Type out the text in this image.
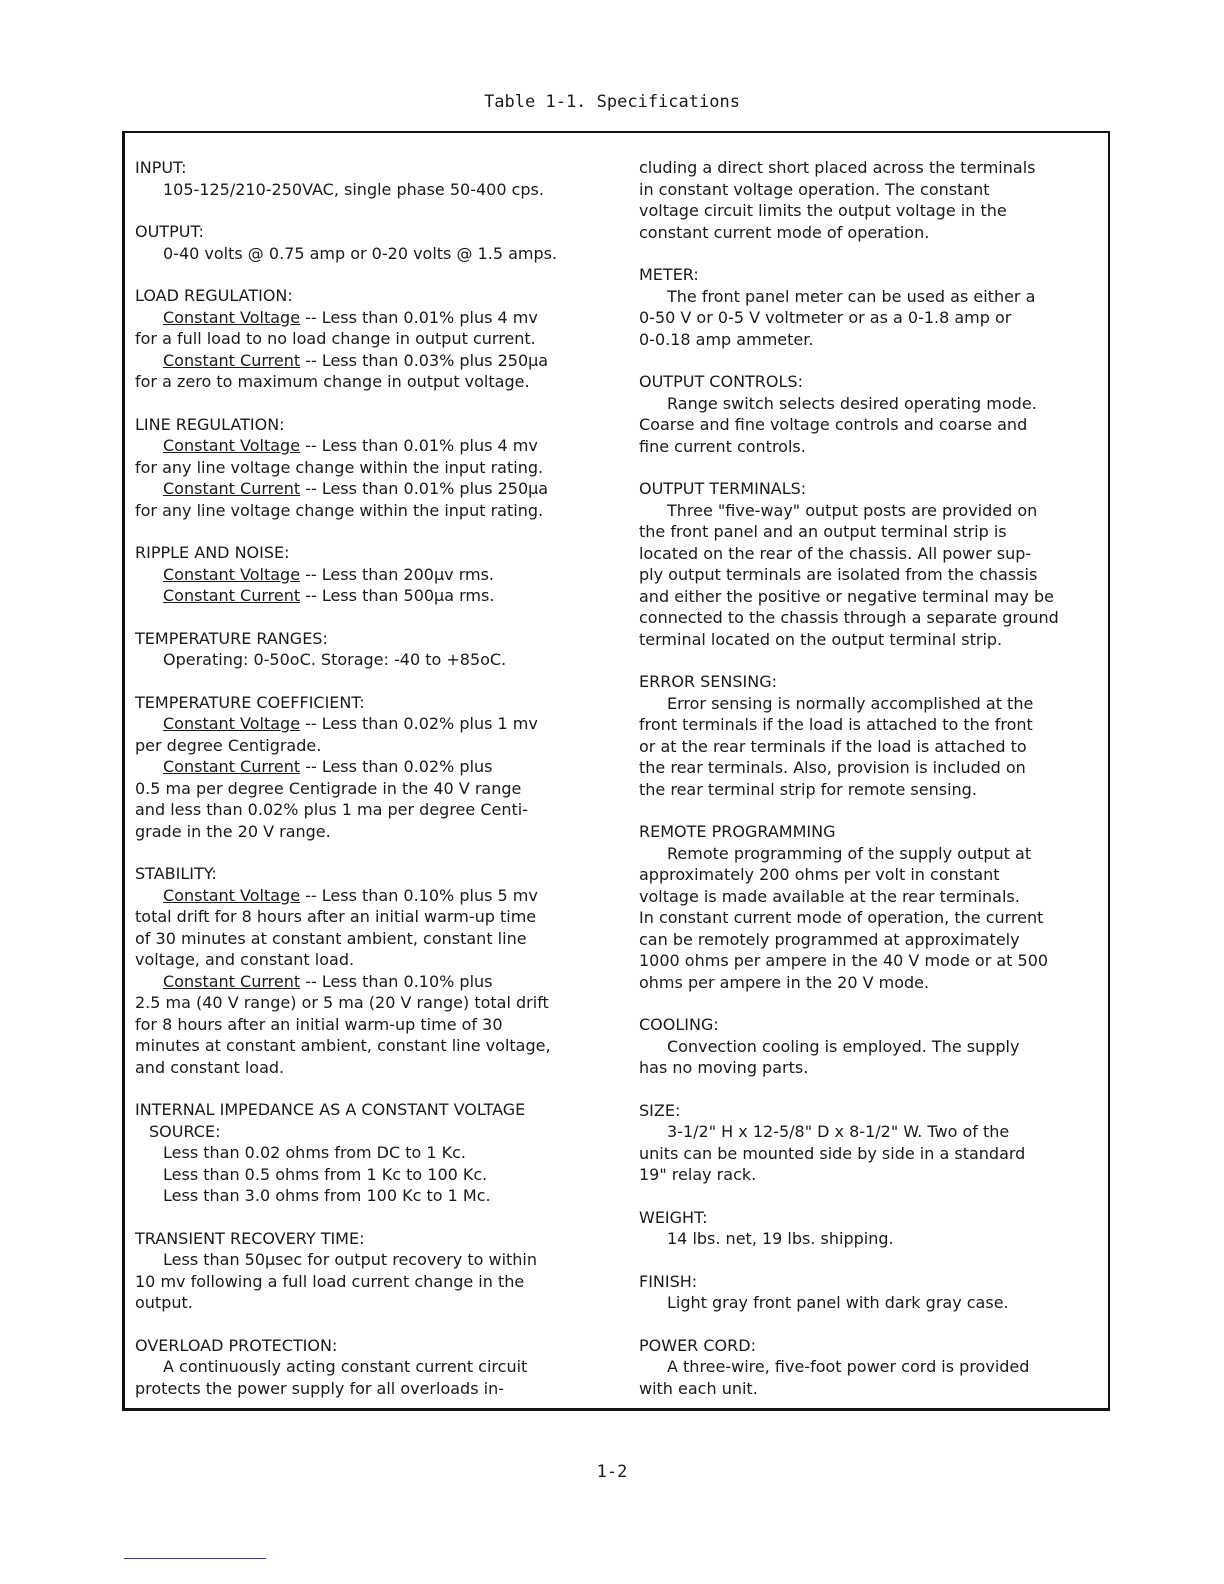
Table 1-1. Specifications
INPUT:
105-125/210-250VAC, single phase 50-400 cps.
OUTPUT:
0-40 volts @ 0.75 amp or 0-20 volts @ 1.5 amps.
LOAD REGULATION:
Constant Voltage -- Less than 0.01% plus 4 mv
for a full load to no load change in output current.
Constant Current -- Less than 0.03% plus 250μa
for a zero to maximum change in output voltage.
LINE REGULATION:
Constant Voltage -- Less than 0.01% plus 4 mv
for any line voltage change within the input rating.
Constant Current -- Less than 0.01% plus 250μa
for any line voltage change within the input rating.
RIPPLE AND NOISE:
Constant Voltage -- Less than 200μv rms.
Constant Current -- Less than 500μa rms.
TEMPERATURE RANGES:
Operating: 0-50oC. Storage: -40 to +85oC.
TEMPERATURE COEFFICIENT:
Constant Voltage -- Less than 0.02% plus 1 mv
per degree Centigrade.
Constant Current -- Less than 0.02% plus
0.5 ma per degree Centigrade in the 40 V range
and less than 0.02% plus 1 ma per degree Centi-
grade in the 20 V range.
STABILITY:
Constant Voltage -- Less than 0.10% plus 5 mv
total drift for 8 hours after an initial warm-up time
of 30 minutes at constant ambient, constant line
voltage, and constant load.
Constant Current -- Less than 0.10% plus
2.5 ma (40 V range) or 5 ma (20 V range) total drift
for 8 hours after an initial warm-up time of 30
minutes at constant ambient, constant line voltage,
and constant load.
INTERNAL IMPEDANCE AS A CONSTANT VOLTAGE
SOURCE:
Less than 0.02 ohms from DC to 1 Kc.
Less than 0.5 ohms from 1 Kc to 100 Kc.
Less than 3.0 ohms from 100 Kc to 1 Mc.
TRANSIENT RECOVERY TIME:
Less than 50μsec for output recovery to within
10 mv following a full load current change in the
output.
OVERLOAD PROTECTION:
A continuously acting constant current circuit
protects the power supply for all overloads in-
cluding a direct short placed across the terminals
in constant voltage operation. The constant
voltage circuit limits the output voltage in the
constant current mode of operation.
METER:
The front panel meter can be used as either a
0-50 V or 0-5 V voltmeter or as a 0-1.8 amp or
0-0.18 amp ammeter.
OUTPUT CONTROLS:
Range switch selects desired operating mode.
Coarse and fine voltage controls and coarse and
fine current controls.
OUTPUT TERMINALS:
Three "five-way" output posts are provided on
the front panel and an output terminal strip is
located on the rear of the chassis. All power sup-
ply output terminals are isolated from the chassis
and either the positive or negative terminal may be
connected to the chassis through a separate ground
terminal located on the output terminal strip.
ERROR SENSING:
Error sensing is normally accomplished at the
front terminals if the load is attached to the front
or at the rear terminals if the load is attached to
the rear terminals. Also, provision is included on
the rear terminal strip for remote sensing.
REMOTE PROGRAMMING
Remote programming of the supply output at
approximately 200 ohms per volt in constant
voltage is made available at the rear terminals.
In constant current mode of operation, the current
can be remotely programmed at approximately
1000 ohms per ampere in the 40 V mode or at 500
ohms per ampere in the 20 V mode.
COOLING:
Convection cooling is employed. The supply
has no moving parts.
SIZE:
3-1/2" H x 12-5/8" D x 8-1/2" W. Two of the
units can be mounted side by side in a standard
19" relay rack.
WEIGHT:
14 lbs. net, 19 lbs. shipping.
FINISH:
Light gray front panel with dark gray case.
POWER CORD:
A three-wire, five-foot power cord is provided
with each unit.
1-2
